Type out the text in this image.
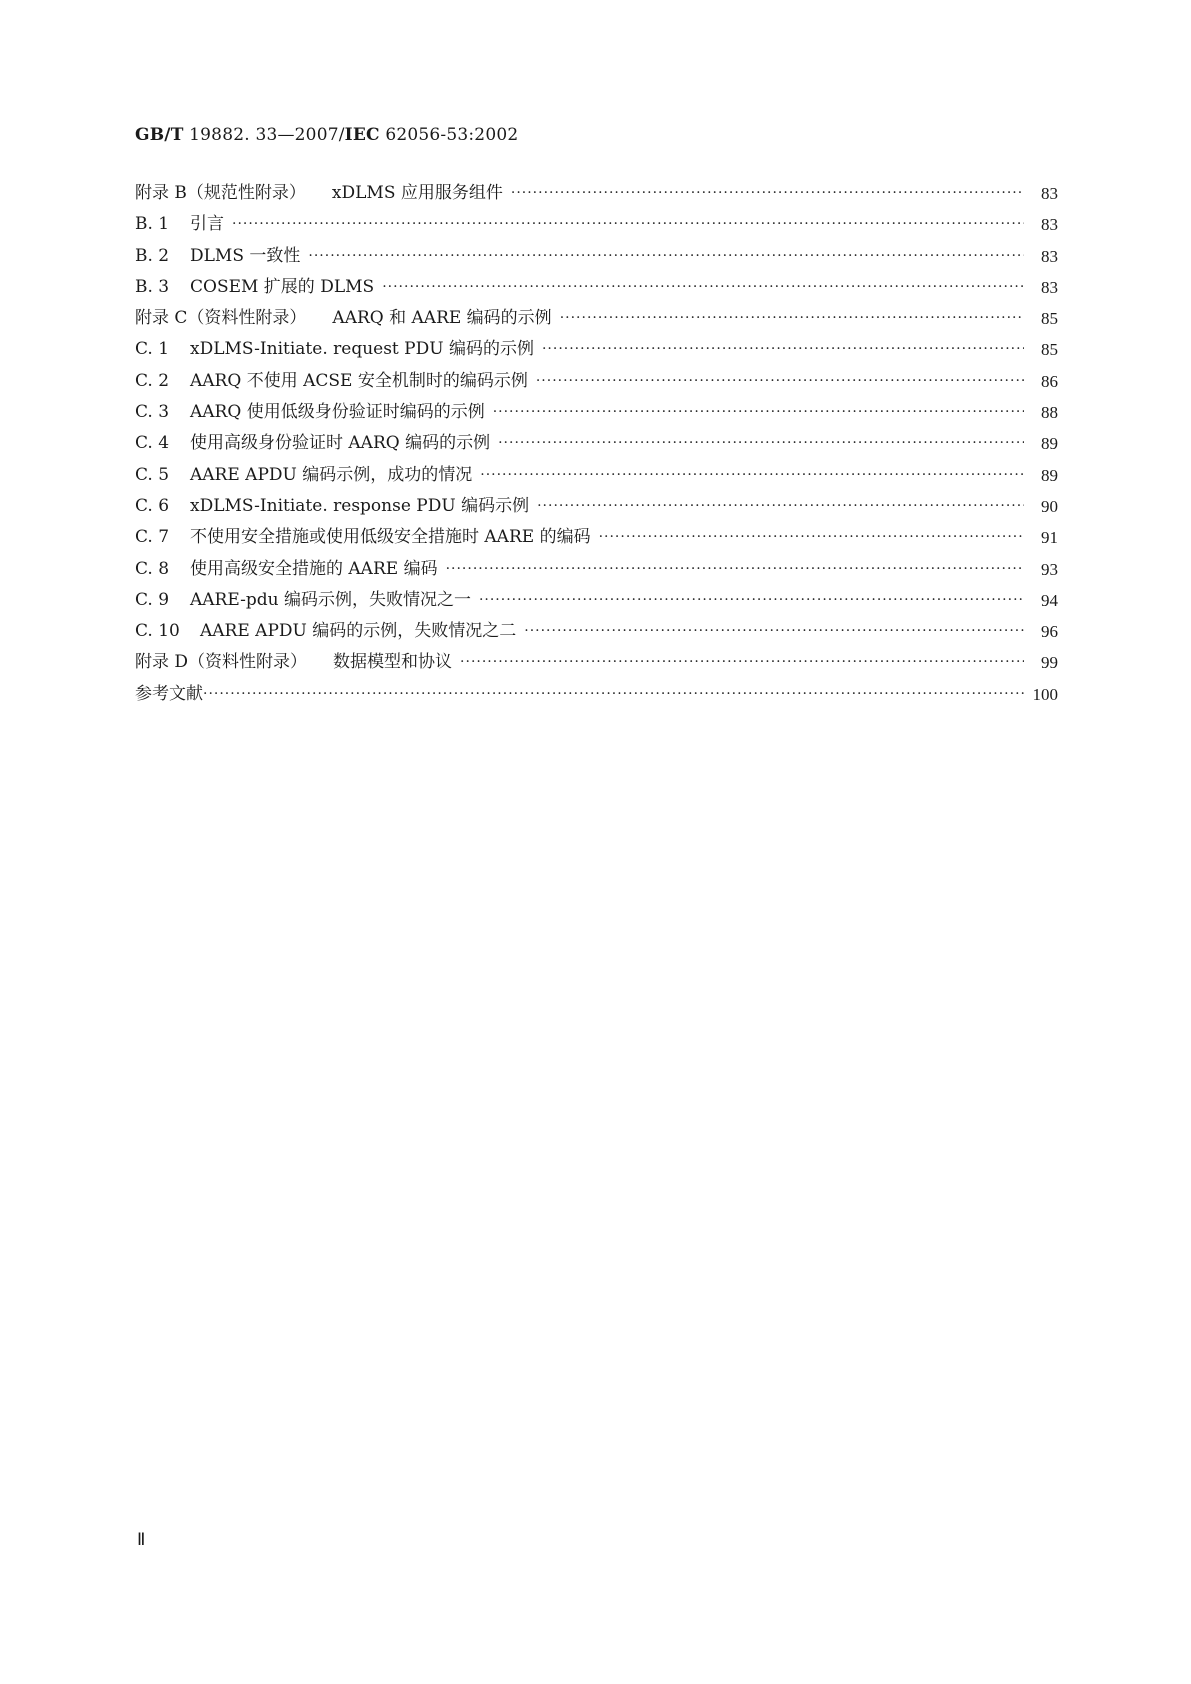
GB/T 19882. 33—2007/IEC 62056-53:2002
附录 B（规范性附录） xDLMS 应用服务组件 ·····	83
B. 1	引言 ·····	83
B. 2	DLMS 一致性 ·····	83
B. 3	COSEM 扩展的 DLMS ·····	83
附录 C（资料性附录） AARQ 和 AARE 编码的示例 ·····	85
C. 1	xDLMS-Initiate. request PDU 编码的示例 ·····	85
C. 2	AARQ 不使用 ACSE 安全机制时的编码示例 ·····	86
C. 3	AARQ 使用低级身份验证时编码的示例 ·····	88
C. 4	使用高级身份验证时 AARQ 编码的示例 ·····	89
C. 5	AARE APDU 编码示例，成功的情况 ·····	89
C. 6	xDLMS-Initiate. response PDU 编码示例 ·····	90
C. 7	不使用安全措施或使用低级安全措施时 AARE 的编码 ·····	91
C. 8	使用高级安全措施的 AARE 编码 ·····	93
C. 9	AARE-pdu 编码示例，失败情况之一 ·····	94
C. 10	AARE APDU 编码的示例，失败情况之二 ·····	96
附录 D（资料性附录） 数据模型和协议 ·····	99
参考文献 ·····	100
Ⅱ
